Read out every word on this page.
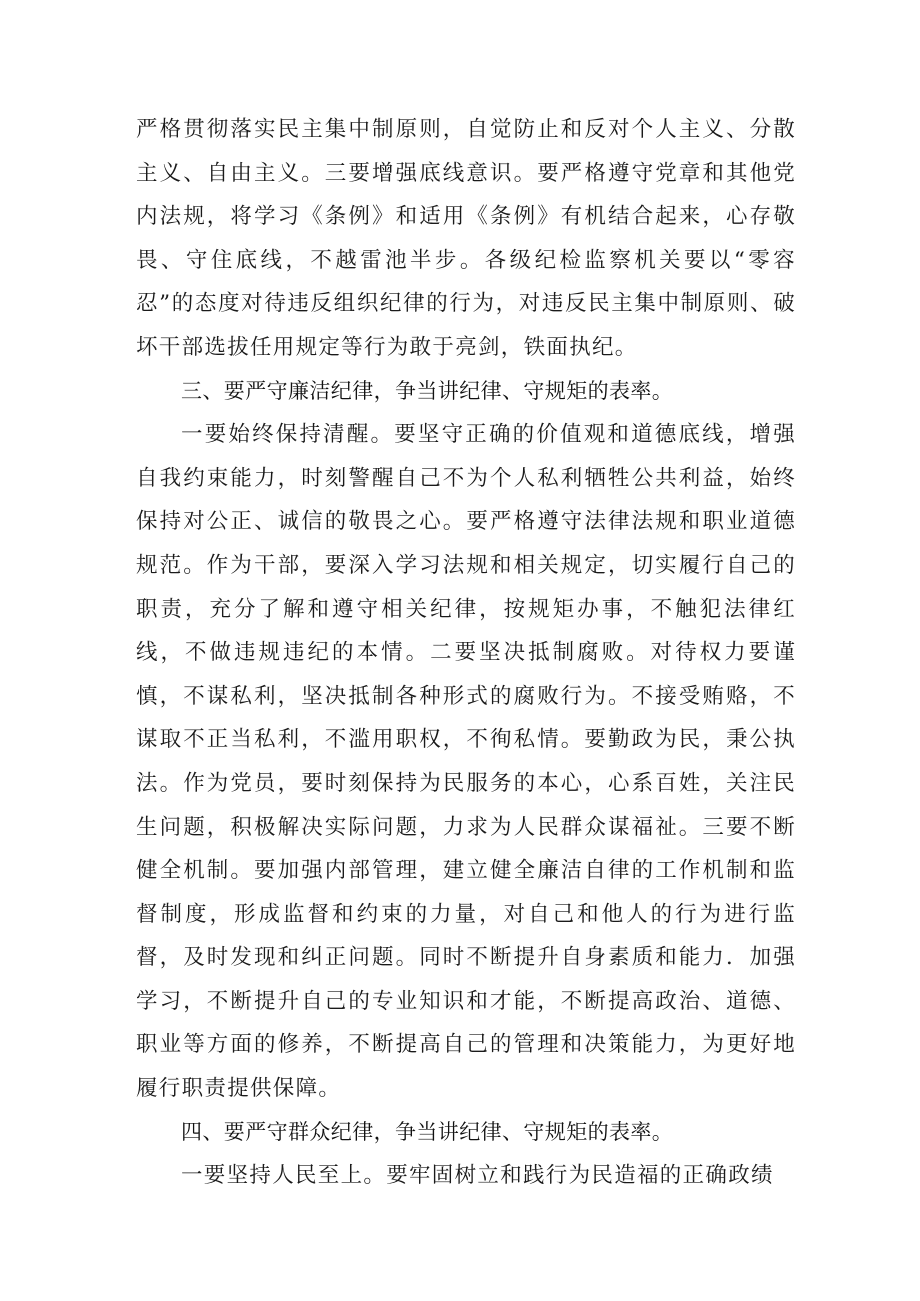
严格贯彻落实民主集中制原则，自觉防止和反对个人主义、分散主义、自由主义。三要增强底线意识。要严格遵守党章和其他党内法规，将学习《条例》和适用《条例》有机结合起来，心存敬畏、守住底线，不越雷池半步。各级纪检监察机关要以“零容忍”的态度对待违反组织纪律的行为，对违反民主集中制原则、破坏干部选拔任用规定等行为敢于亮剑，铁面执纪。

三、要严守廉洁纪律，争当讲纪律、守规矩的表率。

一要始终保持清醒。要坚守正确的价值观和道德底线，增强自我约束能力，时刻警醒自己不为个人私利牺牲公共利益，始终保持对公正、诚信的敬畏之心。要严格遵守法律法规和职业道德规范。作为干部，要深入学习法规和相关规定，切实履行自己的职责，充分了解和遵守相关纪律，按规矩办事，不触犯法律红线，不做违规违纪的本情。二要坚决抵制腐败。对待权力要谨慎，不谋私利，坚决抵制各种形式的腐败行为。不接受贿赂，不谋取不正当私利，不滥用职权，不徇私情。要勤政为民，秉公执法。作为党员，要时刻保持为民服务的本心，心系百姓，关注民生问题，积极解决实际问题，力求为人民群众谋福祉。三要不断健全机制。要加强内部管理，建立健全廉洁自律的工作机制和监督制度，形成监督和约束的力量，对自己和他人的行为进行监督，及时发现和纠正问题。同时不断提升自身素质和能力．加强学习，不断提升自己的专业知识和才能，不断提高政治、道德、职业等方面的修养，不断提高自己的管理和决策能力，为更好地履行职责提供保障。

四、要严守群众纪律，争当讲纪律、守规矩的表率。

一要坚持人民至上。要牢固树立和践行为民造福的正确政绩
